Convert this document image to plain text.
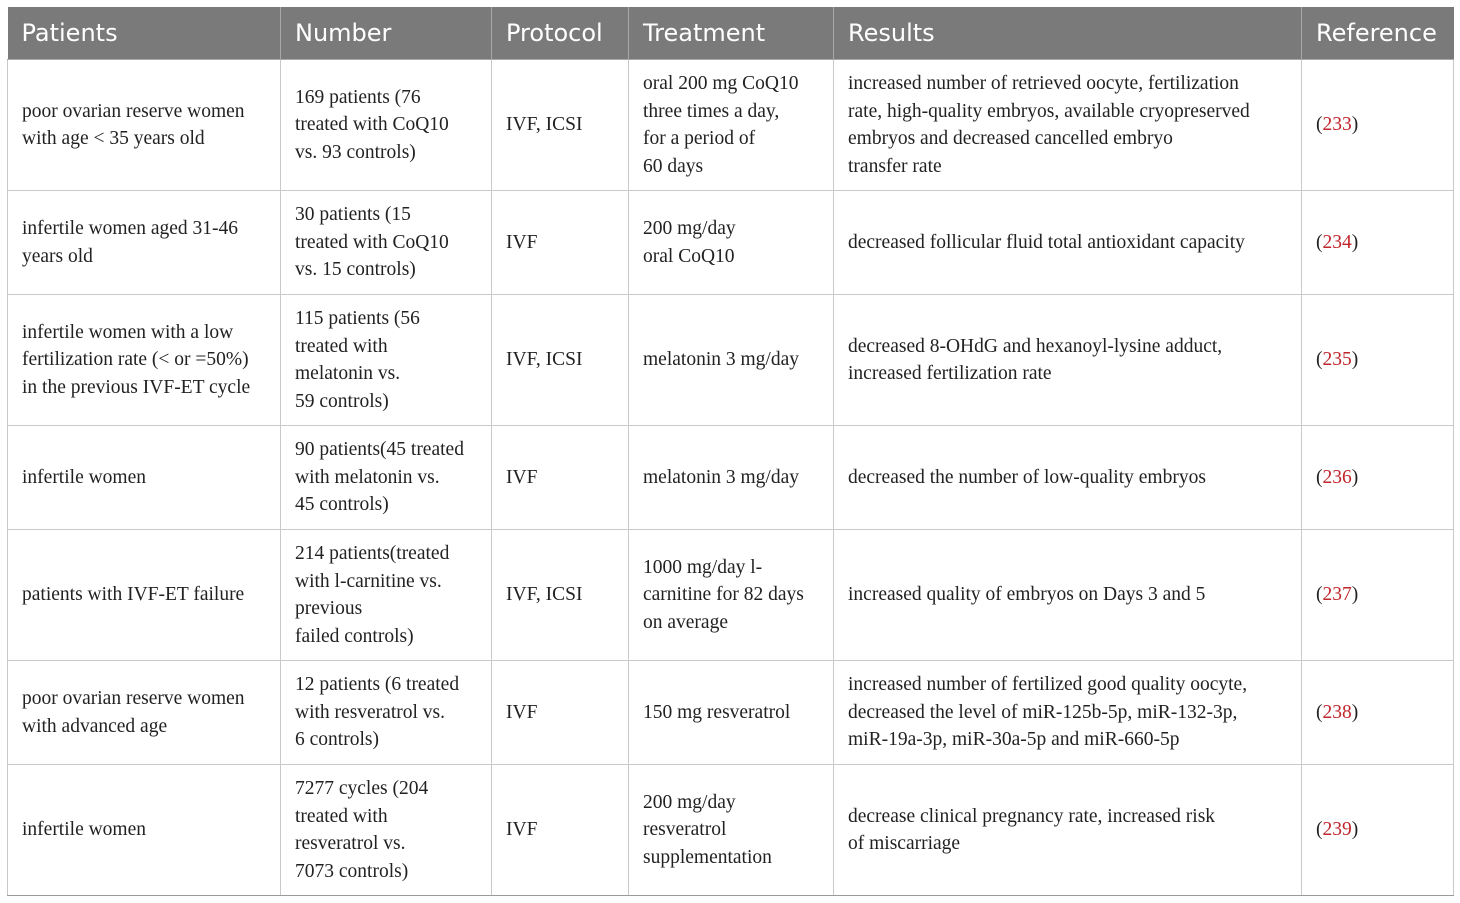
Patients	Number	Protocol	Treatment	Results	Reference

poor ovarian reserve women
with age < 35 years old	169 patients (76
treated with CoQ10
vs. 93 controls)	IVF, ICSI	oral 200 mg CoQ10
three times a day,
for a period of
60 days	increased number of retrieved oocyte, fertilization
rate, high-quality embryos, available cryopreserved
embryos and decreased cancelled embryo
transfer rate	(233)

infertile women aged 31-46
years old	30 patients (15
treated with CoQ10
vs. 15 controls)	IVF	200 mg/day
oral CoQ10	decreased follicular fluid total antioxidant capacity	(234)

infertile women with a low
fertilization rate (< or =50%)
in the previous IVF-ET cycle	115 patients (56
treated with
melatonin vs.
59 controls)	IVF, ICSI	melatonin 3 mg/day	decreased 8-OHdG and hexanoyl-lysine adduct,
increased fertilization rate	(235)

infertile women	90 patients(45 treated
with melatonin vs.
45 controls)	IVF	melatonin 3 mg/day	decreased the number of low-quality embryos	(236)

patients with IVF-ET failure	214 patients(treated
with l-carnitine vs.
previous
failed controls)	IVF, ICSI	1000 mg/day l-
carnitine for 82 days
on average	increased quality of embryos on Days 3 and 5	(237)

poor ovarian reserve women
with advanced age	12 patients (6 treated
with resveratrol vs.
6 controls)	IVF	150 mg resveratrol	increased number of fertilized good quality oocyte,
decreased the level of miR-125b-5p, miR-132-3p,
miR-19a-3p, miR-30a-5p and miR-660-5p	(238)

infertile women	7277 cycles (204
treated with
resveratrol vs.
7073 controls)	IVF	200 mg/day
resveratrol
supplementation	decrease clinical pregnancy rate, increased risk
of miscarriage	(239)
